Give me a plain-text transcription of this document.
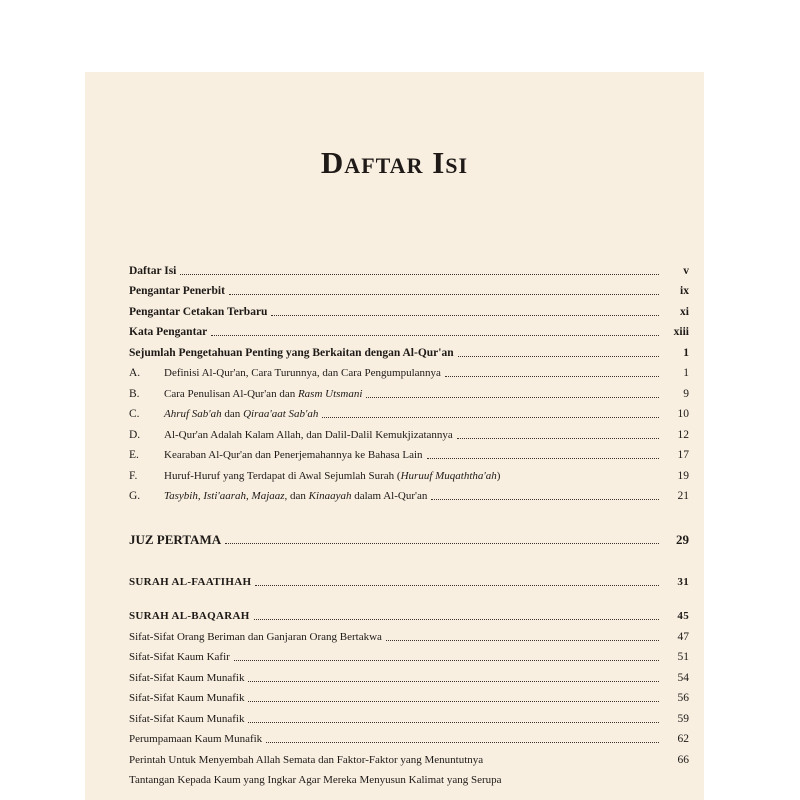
Daftar Isi
Daftar Isi	v
Pengantar Penerbit	ix
Pengantar Cetakan Terbaru	xi
Kata Pengantar	xiii
Sejumlah Pengetahuan Penting yang Berkaitan dengan Al-Qur'an	1
A.	Definisi Al-Qur'an, Cara Turunnya, dan Cara Pengumpulannya	1
B.	Cara Penulisan Al-Qur'an dan Rasm Utsmani	9
C.	Ahruf Sab'ah dan Qiraa'aat Sab'ah	10
D.	Al-Qur'an Adalah Kalam Allah, dan Dalil-Dalil Kemukjizatannya	12
E.	Kearaban Al-Qur'an dan Penerjemahannya ke Bahasa Lain	17
F.	Huruf-Huruf yang Terdapat di Awal Sejumlah Surah (Huruuf Muqaththa'ah)	19
G.	Tasybih, Isti'aarah, Majaaz, dan Kinaayah dalam Al-Qur'an	21
JUZ PERTAMA	29
SURAH AL-FAATIHAH	31
SURAH AL-BAQARAH	45
Sifat-Sifat Orang Beriman dan Ganjaran Orang Bertakwa	47
Sifat-Sifat Kaum Kafir	51
Sifat-Sifat Kaum Munafik	54
Sifat-Sifat Kaum Munafik	56
Sifat-Sifat Kaum Munafik	59
Perumpamaan Kaum Munafik	62
Perintah Untuk Menyembah Allah Semata dan Faktor-Faktor yang Menuntutnya	66
Tantangan Kepada Kaum yang Ingkar Agar Mereka Menyusun Kalimat yang Serupa
